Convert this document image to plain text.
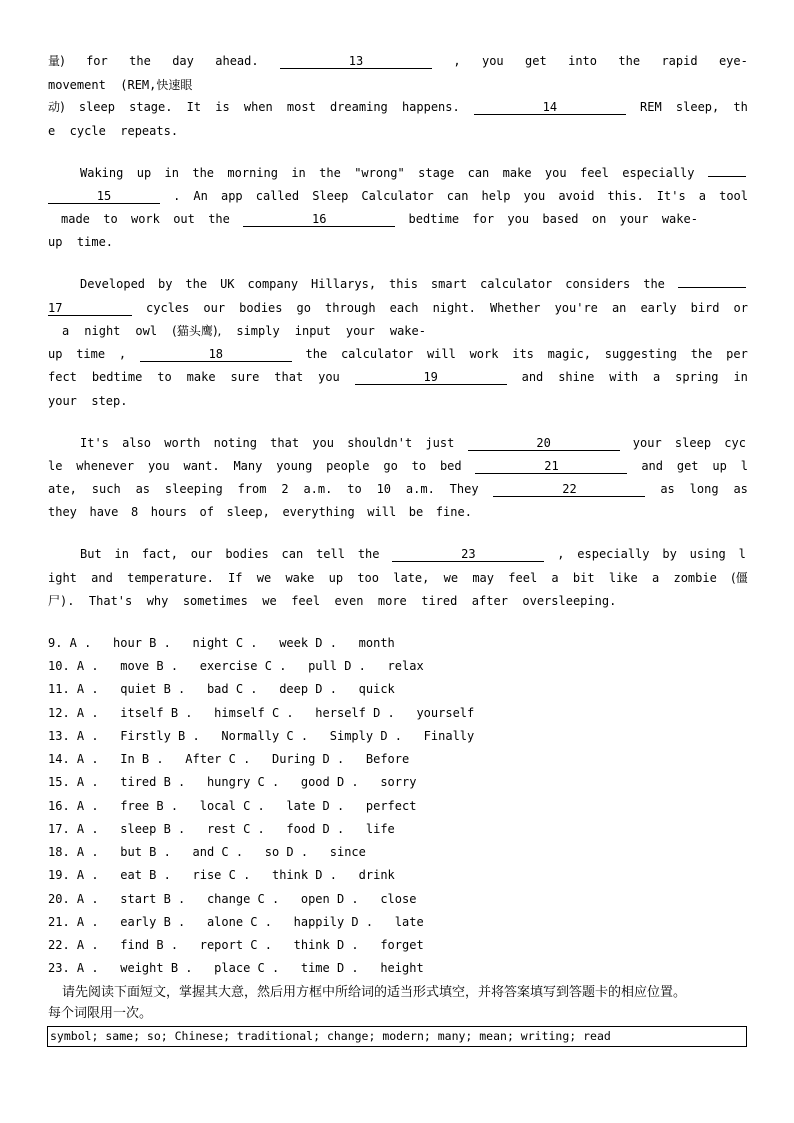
量) for the day ahead.	13	, you get into the rapid eye-
movement  (REM,快速眼
动) sleep stage. It is when most dreaming happens.	14	REM sleep, th
e  cycle  repeats.
Waking up in the morning in the "wrong" stage can make you feel especially
15	. An app called Sleep Calculator can help you avoid this. It's a tool
made to work out the	16	bedtime for you based on your wake-
up  time.
Developed by the UK company Hillarys, this smart calculator considers the
17	cycles our bodies go through each night. Whether you're an early bird or
a night owl (猫头鹰), simply input your wake-
up time ,	18	the calculator will work its magic, suggesting the per
fect bedtime to make sure that you	19	and shine with a spring in
your  step.
It's also worth noting that you shouldn't just	20	your sleep cyc
le whenever you want. Many young people go to bed	21	and get up l
ate, such as sleeping from 2 a.m. to 10 a.m. They	22	as long as
they have 8 hours of sleep, everything will be fine.
But in fact, our bodies can tell the	23	, especially by using l
ight and temperature. If we wake up too late, we may feel a bit like a zombie (僵
尸).  That's  why  sometimes  we  feel  even  more  tired  after  oversleeping.
9. A .   hour B .   night C .   week D .   month
10. A .   move B .   exercise C .   pull D .   relax
11. A .   quiet B .   bad C .   deep D .   quick
12. A .   itself B .   himself C .   herself D .   yourself
13. A .   Firstly B .   Normally C .   Simply D .   Finally
14. A .   In B .   After C .   During D .   Before
15. A .   tired B .   hungry C .   good D .   sorry
16. A .   free B .   local C .   late D .   perfect
17. A .   sleep B .   rest C .   food D .   life
18. A .   but B .   and C .   so D .   since
19. A .   eat B .   rise C .   think D .   drink
20. A .   start B .   change C .   open D .   close
21. A .   early B .   alone C .   happily D .   late
22. A .   find B .   report C .   think D .   forget
23. A .   weight B .   place C .   time D .   height
请先阅读下面短文，掌握其大意，然后用方框中所给词的适当形式填空，并将答案填写到答题卡的相应位置。
每个词限用一次。
symbol; same; so; Chinese; traditional; change; modern; many; mean; writing; read
